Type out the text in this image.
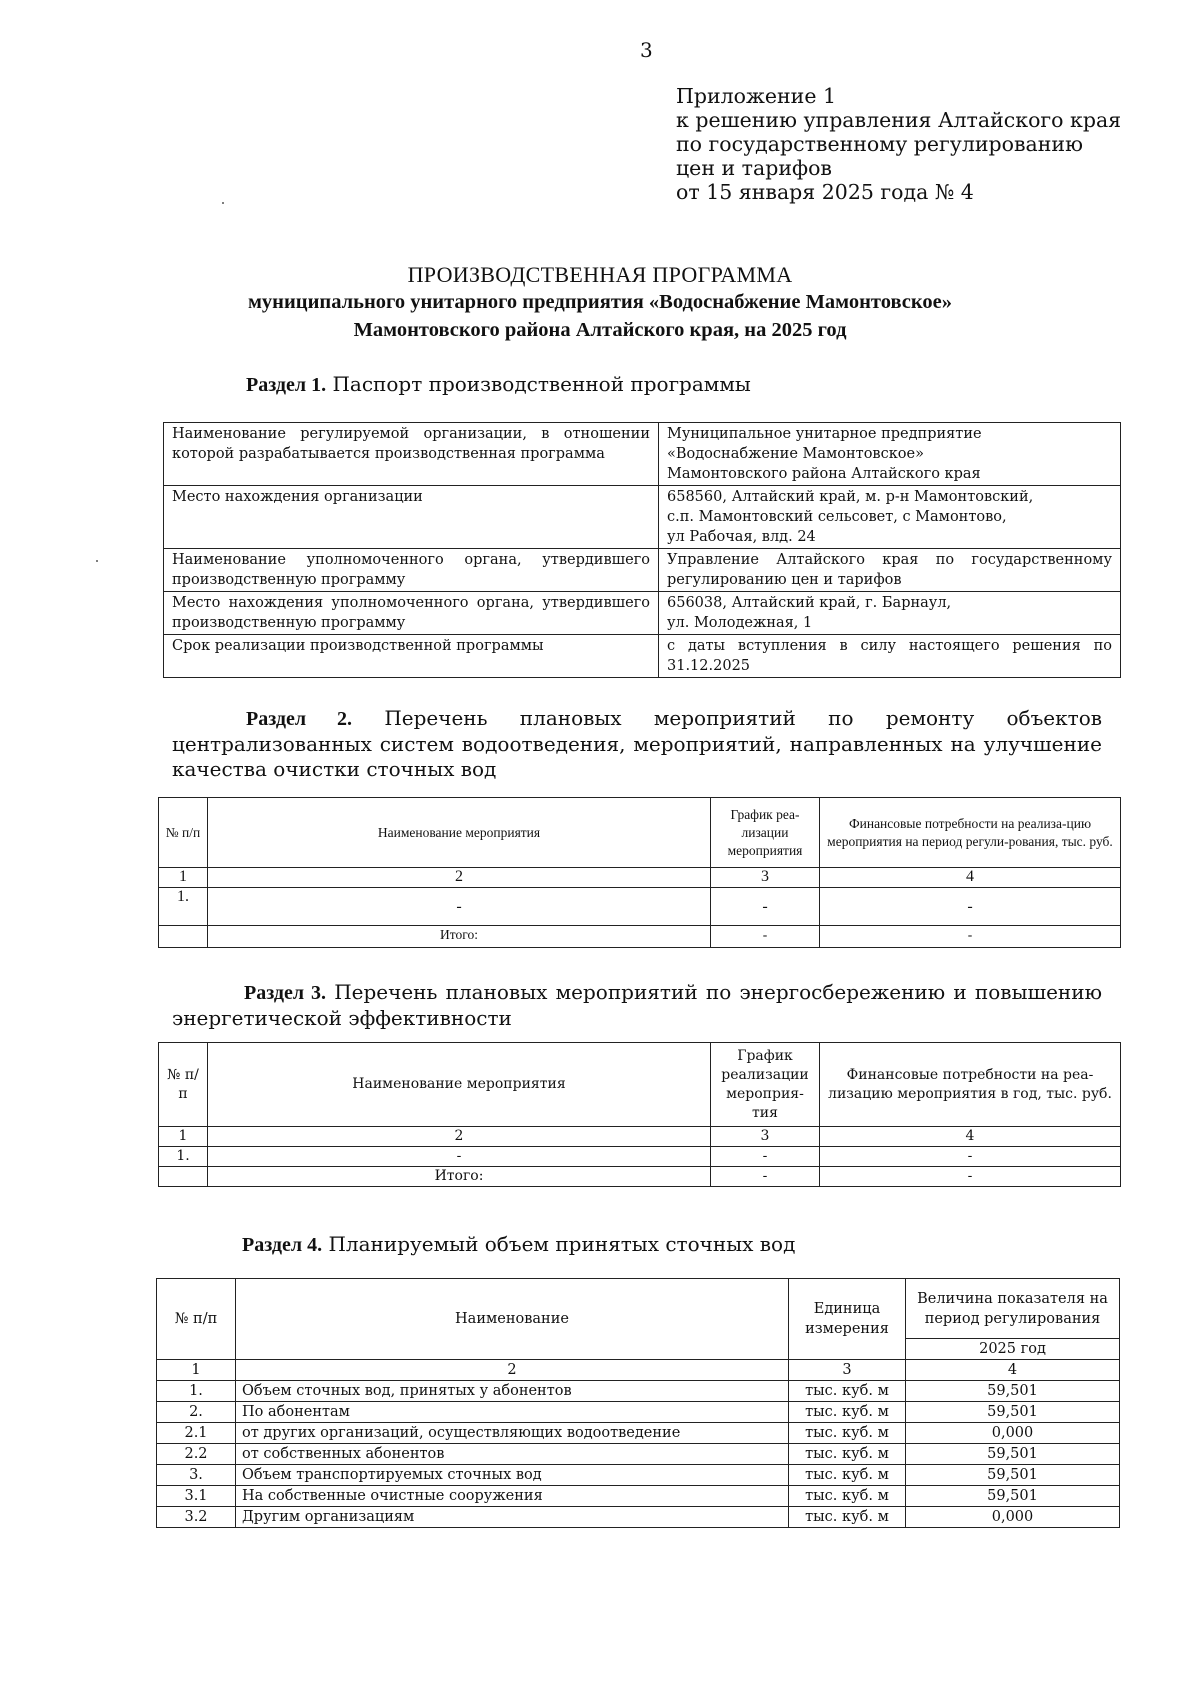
3
Приложение 1
к решению управления Алтайского края
по государственному регулированию
цен и тарифов
от 15 января 2025 года № 4
ПРОИЗВОДСТВЕННАЯ ПРОГРАММА
муниципального унитарного предприятия «Водоснабжение Мамонтовское»
Мамонтовского района Алтайского края, на 2025 год
Раздел 1. Паспорт производственной программы
Наименование регулируемой организации, в отношении которой разрабатывается производственная программа	Муниципальное унитарное предприятие
«Водоснабжение Мамонтовское»
Мамонтовского района Алтайского края

Место нахождения организации	658560, Алтайский край, м. р-н Мамонтовский,
с.п. Мамонтовский сельсовет, с Мамонтово,
ул Рабочая, влд. 24

Наименование уполномоченного органа, утвердившего производственную программу	Управление Алтайского края по государственному регулированию цен и тарифов
Место нахождения уполномоченного органа, утвердившего производственную программу	656038, Алтайский край, г. Барнаул,
ул. Молодежная, 1

Срок реализации производственной программы	с даты вступления в силу настоящего решения по 31.12.2025
Раздел 2. Перечень плановых мероприятий по ремонту объектов централизованных систем водоотведения, мероприятий, направленных на улучшение качества очистки сточных вод
№ п/п	Наименование мероприятия	График реа-лизации мероприятия	Финансовые потребности на реализа-цию мероприятия на период регули-рования, тыс. руб.
1	2	3	4
1.	-	-	-
	Итого:	-	-
Раздел 3. Перечень плановых мероприятий по энергосбережению и повышению энергетической эффективности
№ п/п	Наименование мероприятия	График реализации мероприя-тия	Финансовые потребности на реа-лизацию мероприятия в год, тыс. руб.
1	2	3	4
1.	-	-	-
	Итого:	-	-
Раздел 4. Планируемый объем принятых сточных вод
№ п/п	Наименование	Единица измерения	Величина показателя на период регулирования
			2025 год
1	2	3	4
1.	Объем сточных вод, принятых у абонентов	тыс. куб. м	59,501
2.	По абонентам	тыс. куб. м	59,501
2.1	от других организаций, осуществляющих водоотведение	тыс. куб. м	0,000
2.2	от собственных абонентов	тыс. куб. м	59,501
3.	Объем транспортируемых сточных вод	тыс. куб. м	59,501
3.1	На собственные очистные сооружения	тыс. куб. м	59,501
3.2	Другим организациям	тыс. куб. м	0,000
